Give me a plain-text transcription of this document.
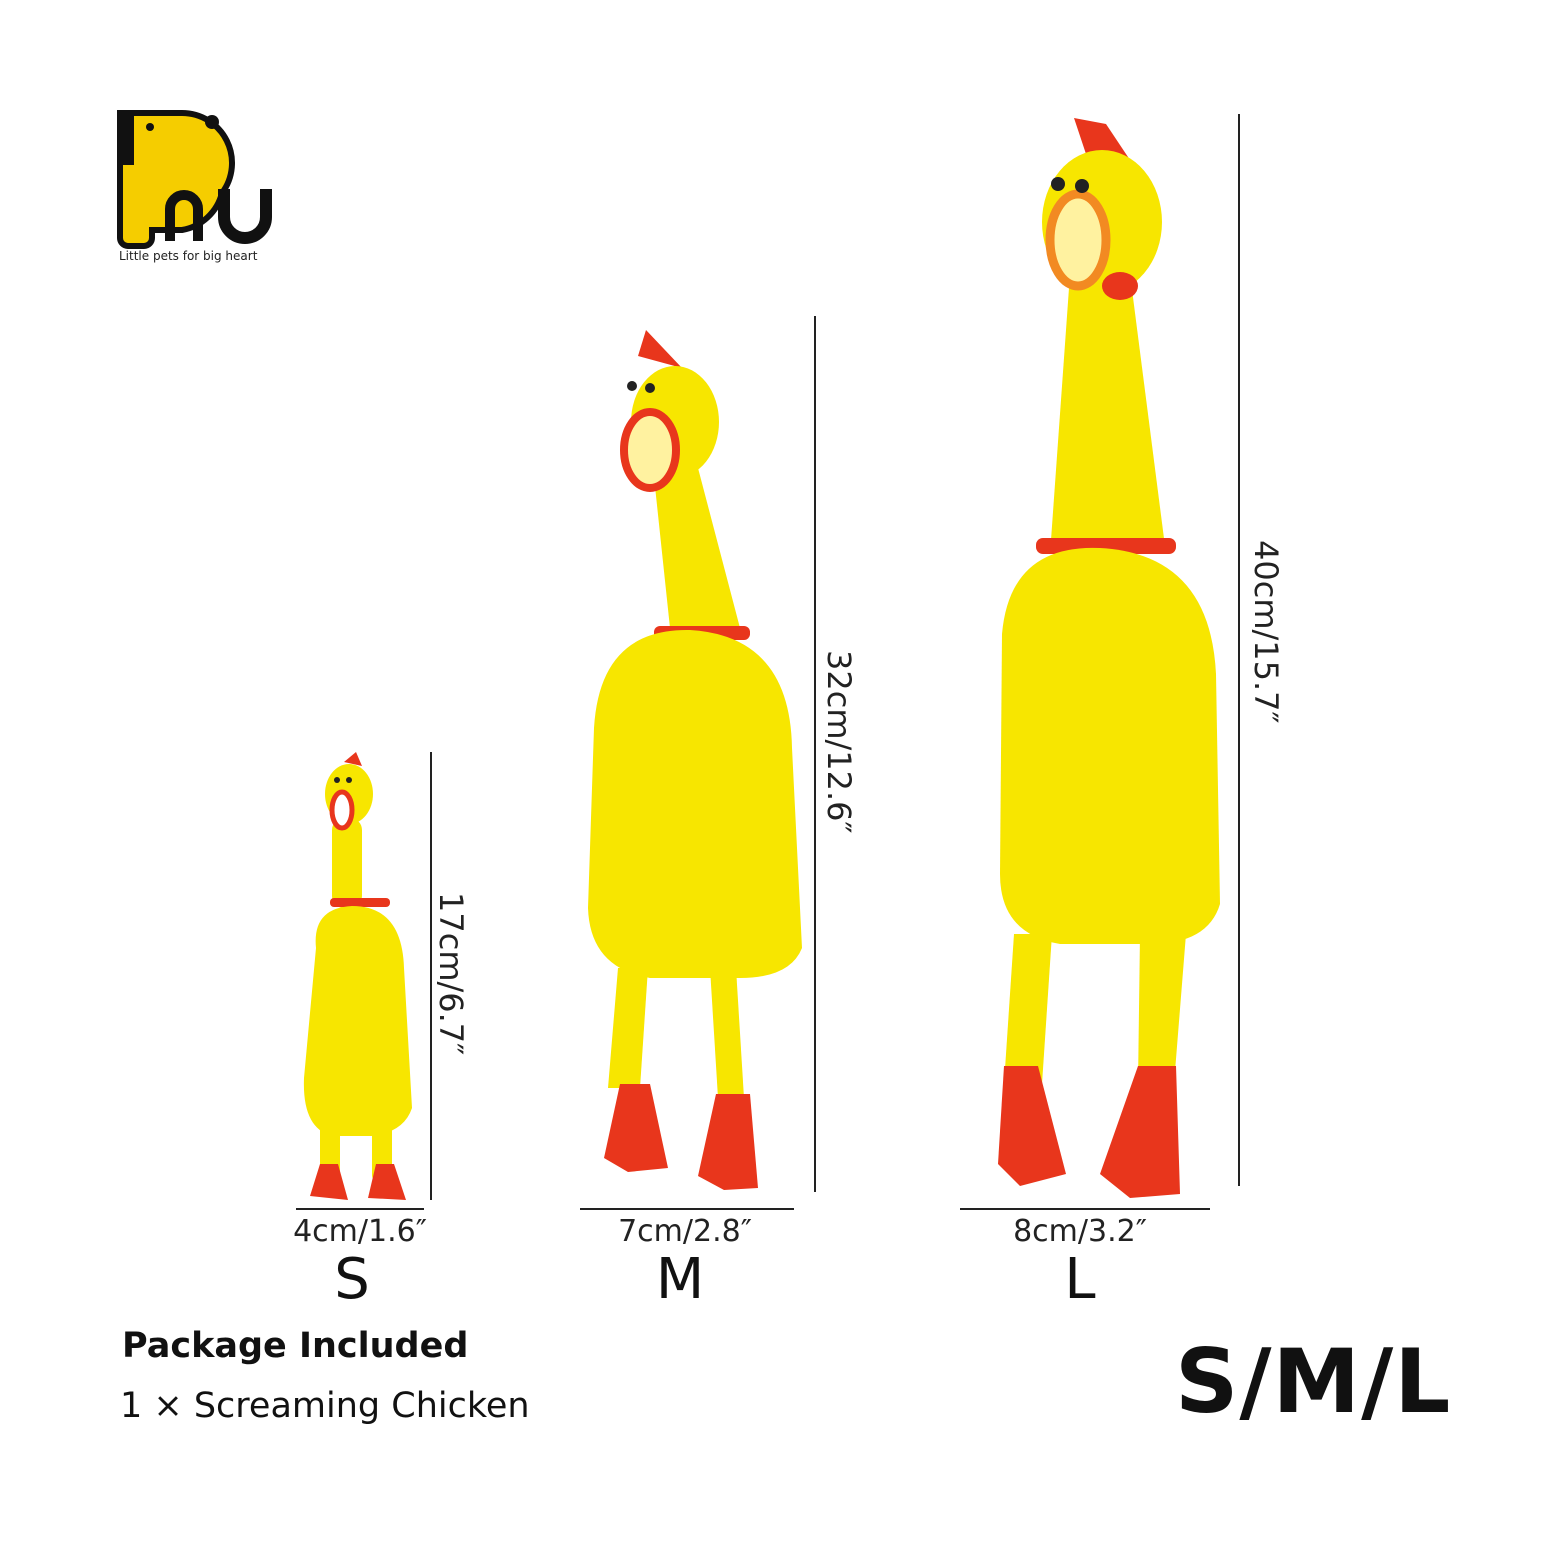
Little pets for big heart
17cm/6.7″
32cm/12.6″
40cm/15.7″
4cm/1.6″	7cm/2.8″	8cm/3.2″
S	M	L
Package Included
1 × Screaming Chicken	S/M/L
